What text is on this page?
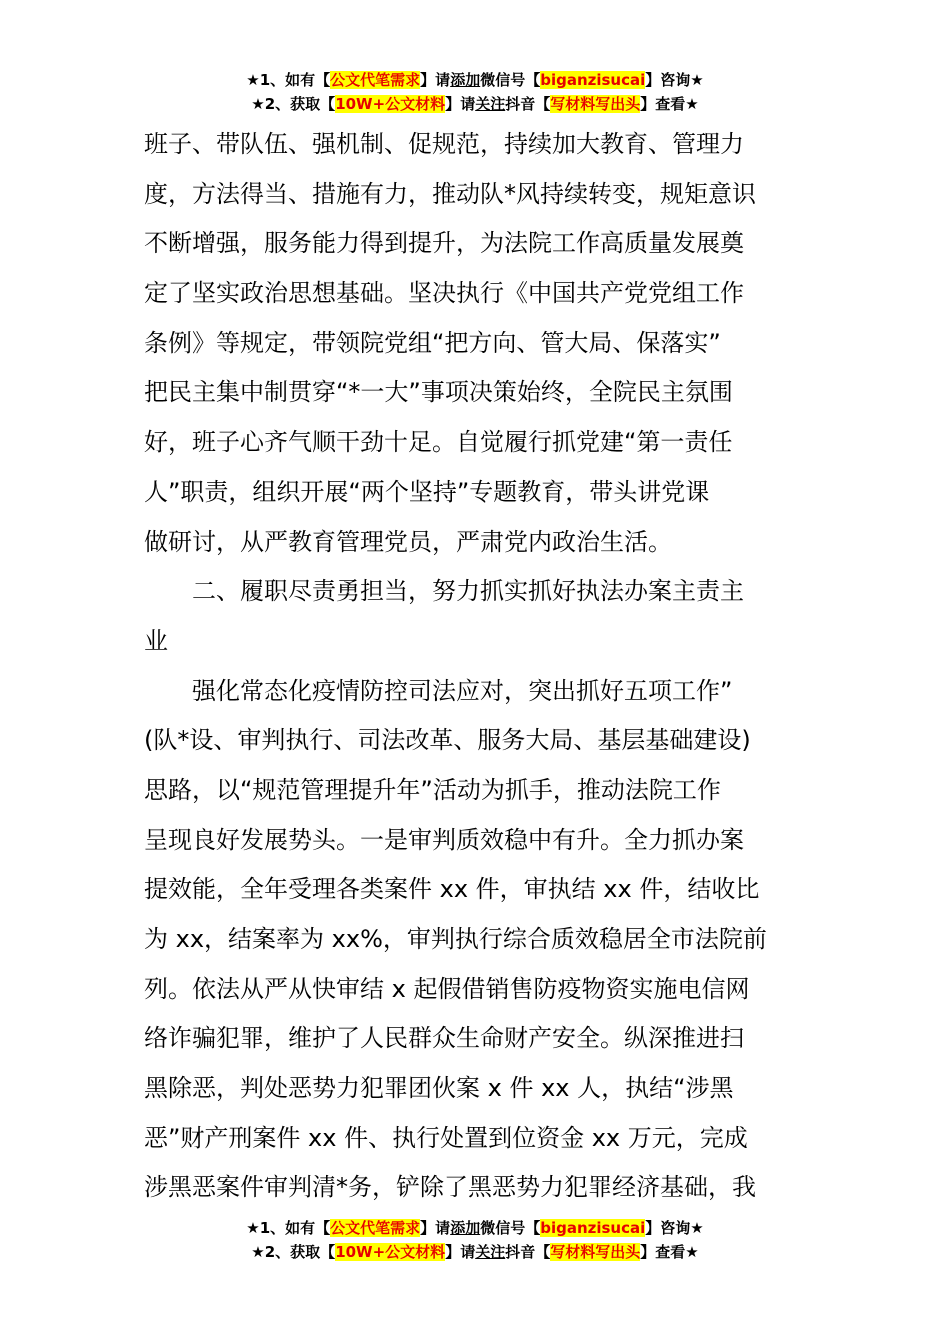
★1、如有【公文代笔需求】请添加微信号【biganzisucai】咨询★
★2、获取【10W+公文材料】请关注抖音【写材料写出头】查看★
班子、带队伍、强机制、促规范，持续加大教育、管理力
度，方法得当、措施有力，推动队*风持续转变，规矩意识
不断增强，服务能力得到提升，为法院工作高质量发展奠
定了坚实政治思想基础。坚决执行《中国共产党党组工作
条例》等规定，带领院党组“把方向、管大局、保落实”
把民主集中制贯穿“*一大”事项决策始终，全院民主氛围
好，班子心齐气顺干劲十足。自觉履行抓党建“第一责任
人”职责，组织开展“两个坚持”专题教育，带头讲党课
做研讨，从严教育管理党员，严肃党内政治生活。
　　二、履职尽责勇担当，努力抓实抓好执法办案主责主
业
　　强化常态化疫情防控司法应对，突出抓好五项工作”
(队*设、审判执行、司法改革、服务大局、基层基础建设)
思路，以“规范管理提升年”活动为抓手，推动法院工作
呈现良好发展势头。一是审判质效稳中有升。全力抓办案
提效能，全年受理各类案件 xx 件，审执结 xx 件，结收比
为 xx，结案率为 xx%，审判执行综合质效稳居全市法院前
列。依法从严从快审结 x 起假借销售防疫物资实施电信网
络诈骗犯罪，维护了人民群众生命财产安全。纵深推进扫
黑除恶，判处恶势力犯罪团伙案 x 件 xx 人，执结“涉黑
恶”财产刑案件 xx 件、执行处置到位资金 xx 万元，完成
涉黑恶案件审判清*务，铲除了黑恶势力犯罪经济基础，我
★1、如有【公文代笔需求】请添加微信号【biganzisucai】咨询★
★2、获取【10W+公文材料】请关注抖音【写材料写出头】查看★
